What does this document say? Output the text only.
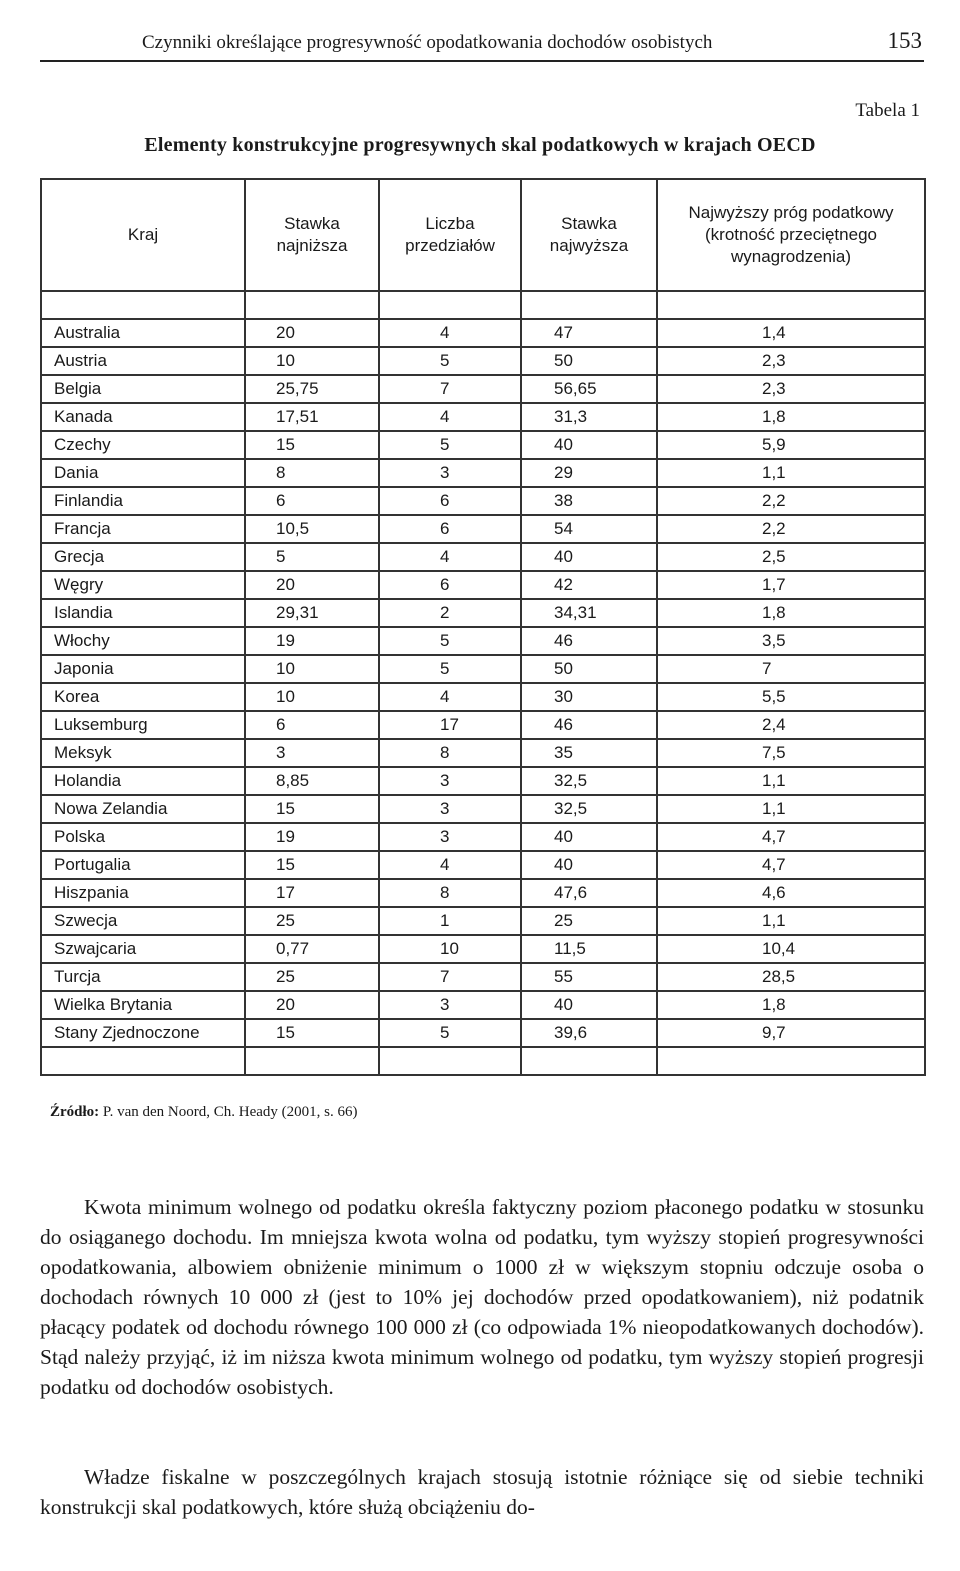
Czynniki określające progresywność opodatkowania dochodów osobistych	153
Tabela 1
Elementy konstrukcyjne progresywnych skal podatkowych w krajach OECD
Kraj	Stawka najniższa	Liczba przedziałów	Stawka najwyższa	Najwyższy próg podatkowy (krotność przeciętnego wynagrodzenia)

Australia	20	4	47	1,4
Austria	10	5	50	2,3
Belgia	25,75	7	56,65	2,3
Kanada	17,51	4	31,3	1,8
Czechy	15	5	40	5,9
Dania	8	3	29	1,1
Finlandia	6	6	38	2,2
Francja	10,5	6	54	2,2
Grecja	5	4	40	2,5
Węgry	20	6	42	1,7
Islandia	29,31	2	34,31	1,8
Włochy	19	5	46	3,5
Japonia	10	5	50	7
Korea	10	4	30	5,5
Luksemburg	6	17	46	2,4
Meksyk	3	8	35	7,5
Holandia	8,85	3	32,5	1,1
Nowa Zelandia	15	3	32,5	1,1
Polska	19	3	40	4,7
Portugalia	15	4	40	4,7
Hiszpania	17	8	47,6	4,6
Szwecja	25	1	25	1,1
Szwajcaria	0,77	10	11,5	10,4
Turcja	25	7	55	28,5
Wielka Brytania	20	3	40	1,8
Stany Zjednoczone	15	5	39,6	9,7

Źródło: P. van den Noord, Ch. Heady (2001, s. 66)

Kwota minimum wolnego od podatku określa faktyczny poziom płaconego podatku w stosunku do osiąganego dochodu. Im mniejsza kwota wolna od podatku, tym wyższy stopień progresywności opodatkowania, albowiem obniżenie minimum o 1000 zł w większym stopniu odczuje osoba o dochodach równych 10 000 zł (jest to 10% jej dochodów przed opodatkowaniem), niż podatnik płacący podatek od dochodu równego 100 000 zł (co odpowiada 1% nieopodatkowanych dochodów). Stąd należy przyjąć, iż im niższa kwota minimum wolnego od podatku, tym wyższy stopień progresji podatku od dochodów osobistych.

Władze fiskalne w poszczególnych krajach stosują istotnie różniące się od siebie techniki konstrukcji skal podatkowych, które służą obciążeniu do-
